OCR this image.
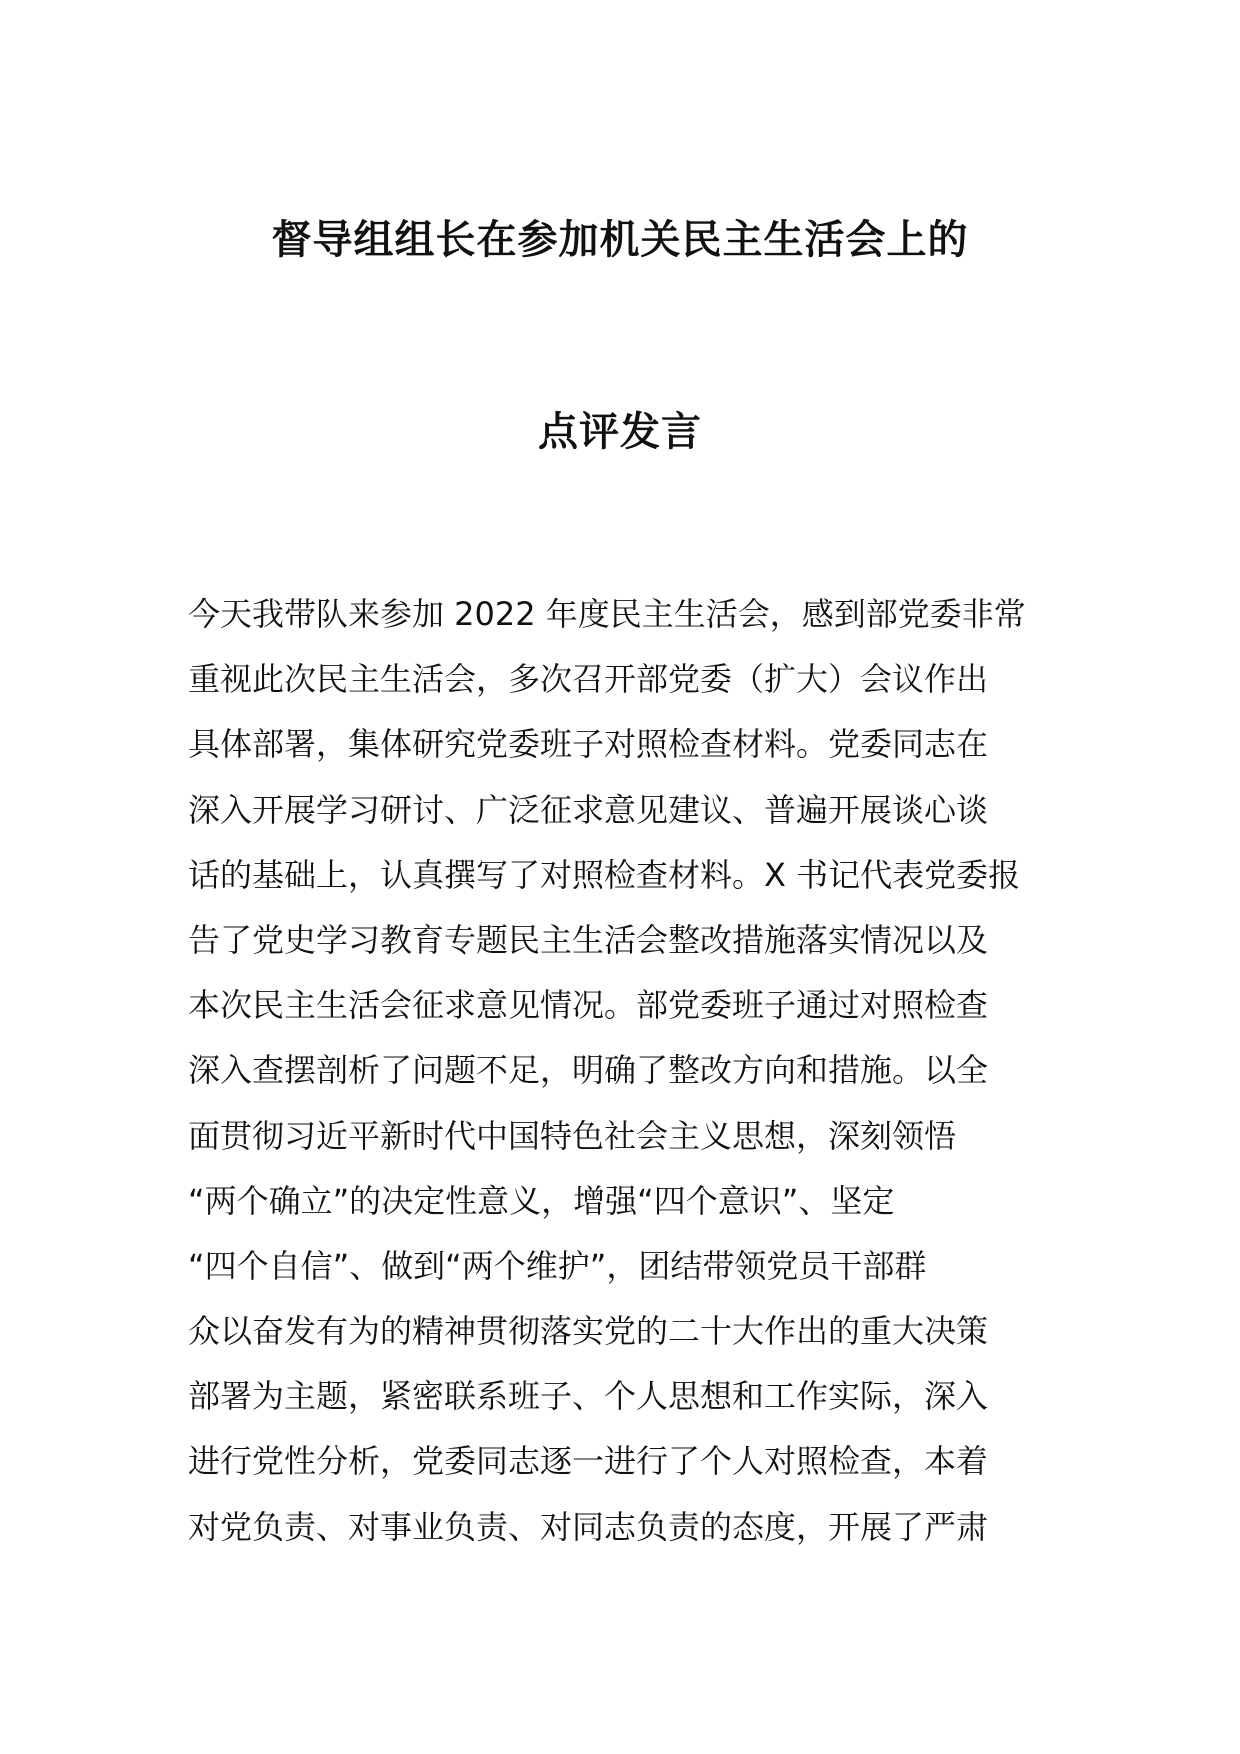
督导组组长在参加机关民主生活会上的
点评发言
今天我带队来参加 2022 年度民主生活会，感到部党委非常
重视此次民主生活会，多次召开部党委（扩大）会议作出
具体部署，集体研究党委班子对照检查材料。党委同志在
深入开展学习研讨、广泛征求意见建议、普遍开展谈心谈
话的基础上，认真撰写了对照检查材料。X 书记代表党委报
告了党史学习教育专题民主生活会整改措施落实情况以及
本次民主生活会征求意见情况。部党委班子通过对照检查
深入查摆剖析了问题不足，明确了整改方向和措施。以全
面贯彻习近平新时代中国特色社会主义思想，深刻领悟
“两个确立”的决定性意义，增强“四个意识”、坚定
“四个自信”、做到“两个维护”，团结带领党员干部群
众以奋发有为的精神贯彻落实党的二十大作出的重大决策
部署为主题，紧密联系班子、个人思想和工作实际，深入
进行党性分析，党委同志逐一进行了个人对照检查，本着
对党负责、对事业负责、对同志负责的态度，开展了严肃
